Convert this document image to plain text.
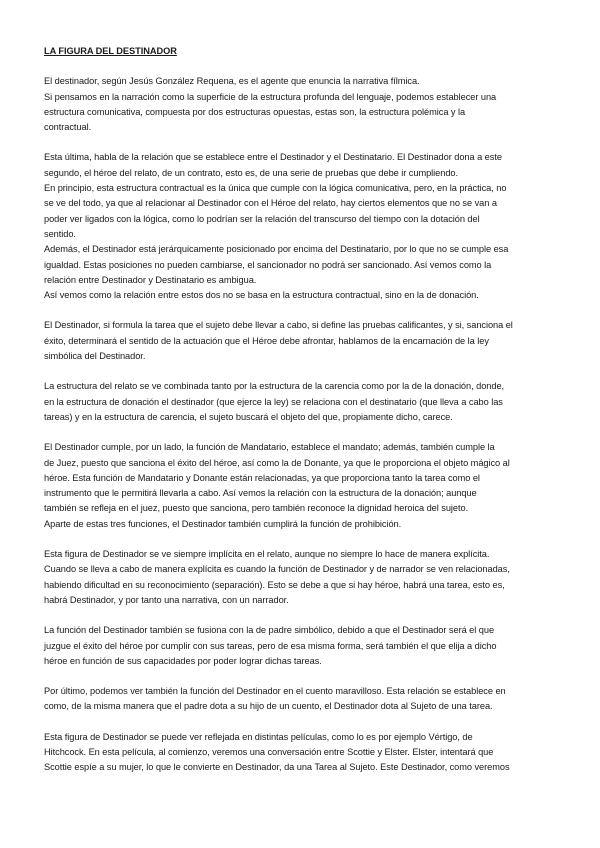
LA FIGURA DEL DESTINADOR
El destinador, según Jesús González Requena, es el agente que enuncia la narrativa fílmica.
Si pensamos en la narración como la superficie de la estructura profunda del lenguaje, podemos establecer una
estructura comunicativa, compuesta por dos estructuras opuestas, estas son, la estructura polémica y la
contractual.
Esta última, habla de la relación que se establece entre el Destinador y el Destinatario. El Destinador dona a este
segundo, el héroe del relato, de un contrato, esto es, de una serie de pruebas que debe ir cumpliendo.
En principio, esta estructura contractual es la única que cumple con la lógica comunicativa, pero, en la práctica, no
se ve del todo, ya que al relacionar al Destinador con el Héroe del relato, hay ciertos elementos que no se van a
poder ver ligados con la lógica, como lo podrían ser la relación del transcurso del tiempo con la dotación del
sentido.
Además, el Destinador está jerárquicamente posicionado por encima del Destinatario, por lo que no se cumple esa
igualdad. Estas posiciones no pueden cambiarse, el sancionador no podrá ser sancionado. Así vemos como la
relación entre Destinador y Destinatario es ambigua.
Así vemos como la relación entre estos dos no se basa en la estructura contractual, sino en la de donación.
El Destinador, si formula la tarea que el sujeto debe llevar a cabo, si define las pruebas calificantes, y si, sanciona el
éxito, determinará el sentido de la actuación que el Héroe debe afrontar, hablamos de la encarnación de la ley
simbólica del Destinador.
La estructura del relato se ve combinada tanto por la estructura de la carencia como por la de la donación, donde,
en la estructura de donación el destinador (que ejerce la ley) se relaciona con el destinatario (que lleva a cabo las
tareas) y en la estructura de carencia, el sujeto buscará el objeto del que, propiamente dicho, carece.
El Destinador cumple, por un lado, la función de Mandatario, establece el mandato; además, también cumple la
de Juez, puesto que sanciona el éxito del héroe, así como la de Donante, ya que le proporciona el objeto mágico al
héroe. Esta función de Mandatario y Donante están relacionadas, ya que proporciona tanto la tarea como el
instrumento que le permitirá llevarla a cabo. Así vemos la relación con la estructura de la donación; aunque
también se refleja en el juez, puesto que sanciona, pero también reconoce la dignidad heroica del sujeto.
Aparte de estas tres funciones, el Destinador también cumplirá la función de prohibición.
Esta figura de Destinador se ve siempre implícita en el relato, aunque no siempre lo hace de manera explícita.
Cuando se lleva a cabo de manera explícita es cuando la función de Destinador y de narrador se ven relacionadas,
habiendo dificultad en su reconocimiento (separación). Esto se debe a que si hay héroe, habrá una tarea, esto es,
habrá Destinador, y por tanto una narrativa, con un narrador.
La función del Destinador también se fusiona con la de padre simbólico, debido a que el Destinador será el que
juzgue el éxito del héroe por cumplir con sus tareas, pero de esa misma forma, será también el que elija a dicho
héroe en función de sus capacidades por poder lograr dichas tareas.
Por último, podemos ver también la función del Destinador en el cuento maravilloso. Esta relación se establece en
como, de la misma manera que el padre dota a su hijo de un cuento, el Destinador dota al Sujeto de una tarea.
Esta figura de Destinador se puede ver reflejada en distintas películas, como lo es por ejemplo Vértigo, de
Hitchcock. En esta película, al comienzo, veremos una conversación entre Scottie y Elster. Elster, intentará que
Scottie espíe a su mujer, lo que le convierte en Destinador, da una Tarea al Sujeto. Este Destinador, como veremos
